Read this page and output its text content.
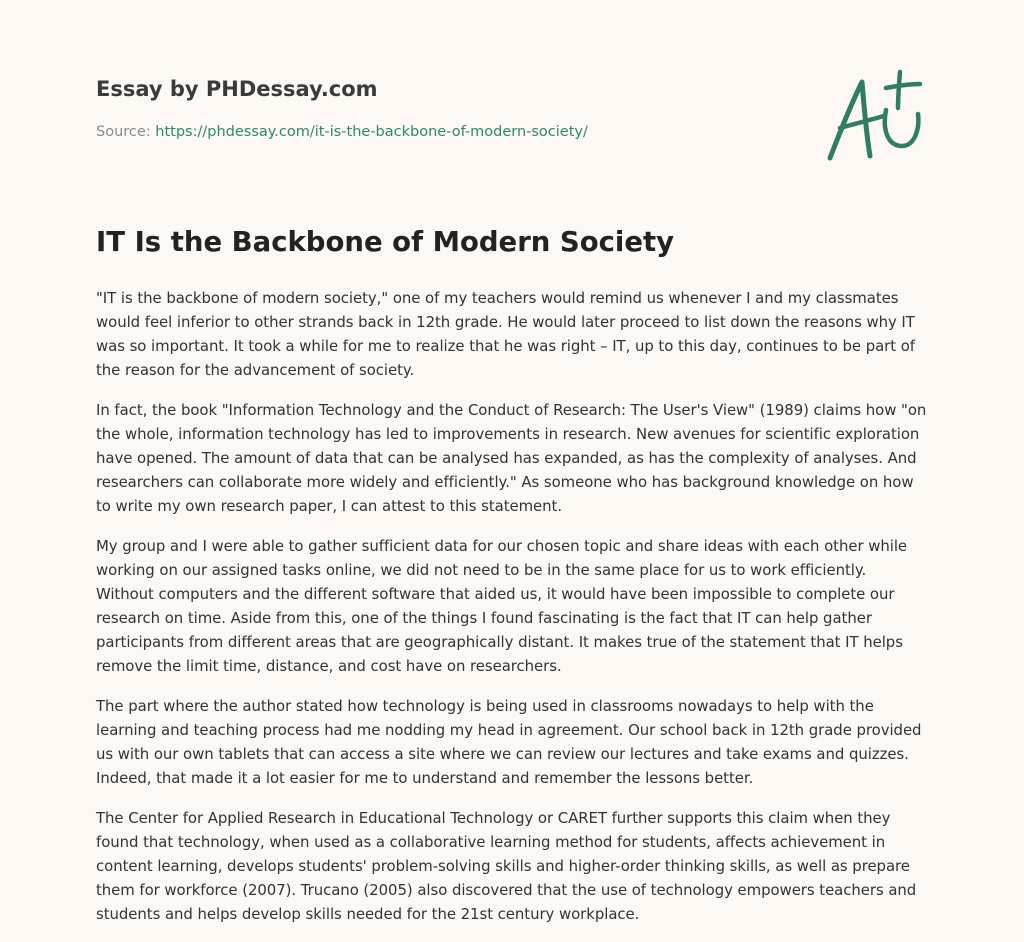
Essay by PHDessay.com
Source: https://phdessay.com/it-is-the-backbone-of-modern-society/
IT Is the Backbone of Modern Society

"IT is the backbone of modern society," one of my teachers would remind us whenever I and my classmates would feel inferior to other strands back in 12th grade. He would later proceed to list down the reasons why IT was so important. It took a while for me to realize that he was right – IT, up to this day, continues to be part of the reason for the advancement of society.

In fact, the book "Information Technology and the Conduct of Research: The User's View" (1989) claims how "on the whole, information technology has led to improvements in research. New avenues for scientific exploration have opened. The amount of data that can be analysed has expanded, as has the complexity of analyses. And researchers can collaborate more widely and efficiently." As someone who has background knowledge on how to write my own research paper, I can attest to this statement.

My group and I were able to gather sufficient data for our chosen topic and share ideas with each other while working on our assigned tasks online, we did not need to be in the same place for us to work efficiently. Without computers and the different software that aided us, it would have been impossible to complete our research on time. Aside from this, one of the things I found fascinating is the fact that IT can help gather participants from different areas that are geographically distant. It makes true of the statement that IT helps remove the limit time, distance, and cost have on researchers.

The part where the author stated how technology is being used in classrooms nowadays to help with the learning and teaching process had me nodding my head in agreement. Our school back in 12th grade provided us with our own tablets that can access a site where we can review our lectures and take exams and quizzes. Indeed, that made it a lot easier for me to understand and remember the lessons better.

The Center for Applied Research in Educational Technology or CARET further supports this claim when they found that technology, when used as a collaborative learning method for students, affects achievement in content learning, develops students' problem-solving skills and higher-order thinking skills, as well as prepare them for workforce (2007). Trucano (2005) also discovered that the use of technology empowers teachers and students and helps develop skills needed for the 21st century workplace.
